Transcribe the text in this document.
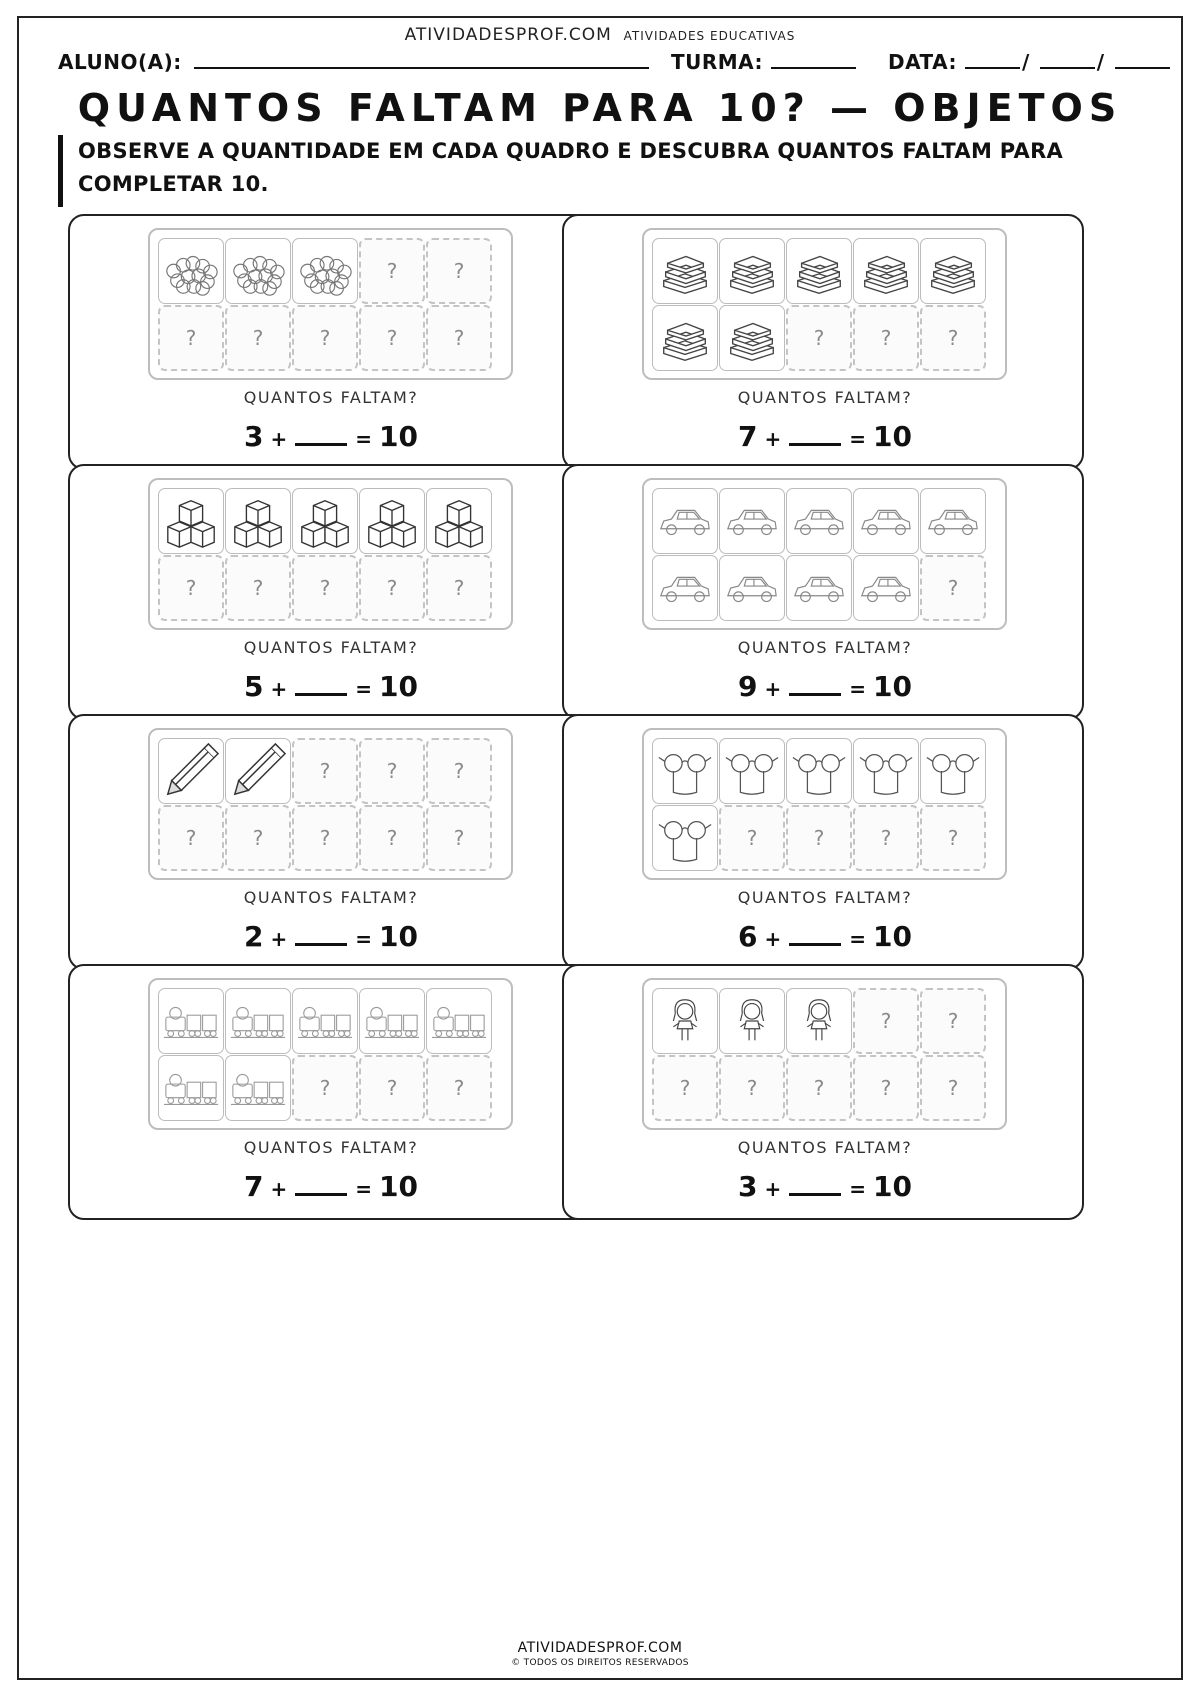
ATIVIDADESPROF.COM ATIVIDADES EDUCATIVAS
ALUNO(A):	TURMA:	DATA:	/	/
QUANTOS FALTAM PARA 10? — OBJETOS
OBSERVE A QUANTIDADE EM CADA QUADRO E DESCUBRA QUANTOS FALTAM PARA COMPLETAR 10.
?	?
?	?	?	?	?
QUANTOS FALTAM?
3 +	= 10
?	?	?
QUANTOS FALTAM?
7 +	= 10
?	?	?	?	?
QUANTOS FALTAM?
5 +	= 10
?
QUANTOS FALTAM?
9 +	= 10
?	?	?
?	?	?	?	?
QUANTOS FALTAM?
2 +	= 10
?	?	?	?
QUANTOS FALTAM?
6 +	= 10
?	?	?
QUANTOS FALTAM?
7 +	= 10
?	?
?	?	?	?	?
QUANTOS FALTAM?
3 +	= 10
ATIVIDADESPROF.COM
© TODOS OS DIREITOS RESERVADOS
